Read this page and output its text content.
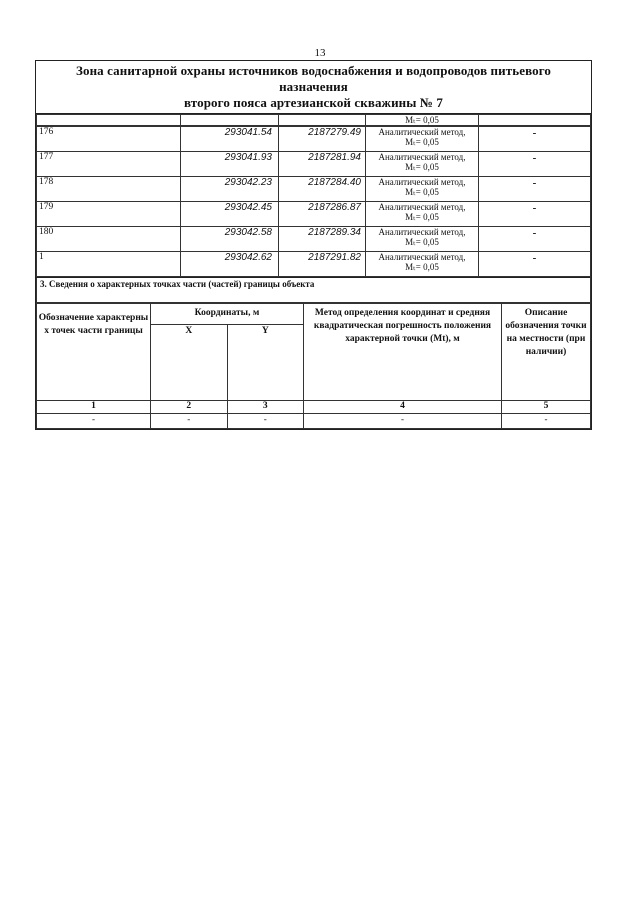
13
Зона санитарной охраны источников водоснабжения и водопроводов питьевого назначения
второго пояса артезианской скважины № 7
			Мₜ= 0,05	
176	293041.54	2187279.49	Аналитический метод,
Мₜ= 0,05	-
177	293041.93	2187281.94	Аналитический метод,
Мₜ= 0,05	-
178	293042.23	2187284.40	Аналитический метод,
Мₜ= 0,05	-
179	293042.45	2187286.87	Аналитический метод,
Мₜ= 0,05	-
180	293042.58	2187289.34	Аналитический метод,
Мₜ= 0,05	-
1	293042.62	2187291.82	Аналитический метод,
Мₜ= 0,05	-
3. Сведения о характерных точках части (частей) границы объекта
Обозначение характерны х точек части границы	Координаты, м		Метод определения координат и средняя квадратическая погрешность положения характерной точки (Мt), м	Описание обозначения точки на местности (при наличии)
	X	Y		
1	2	3	4	5
-	-	-	-	-
